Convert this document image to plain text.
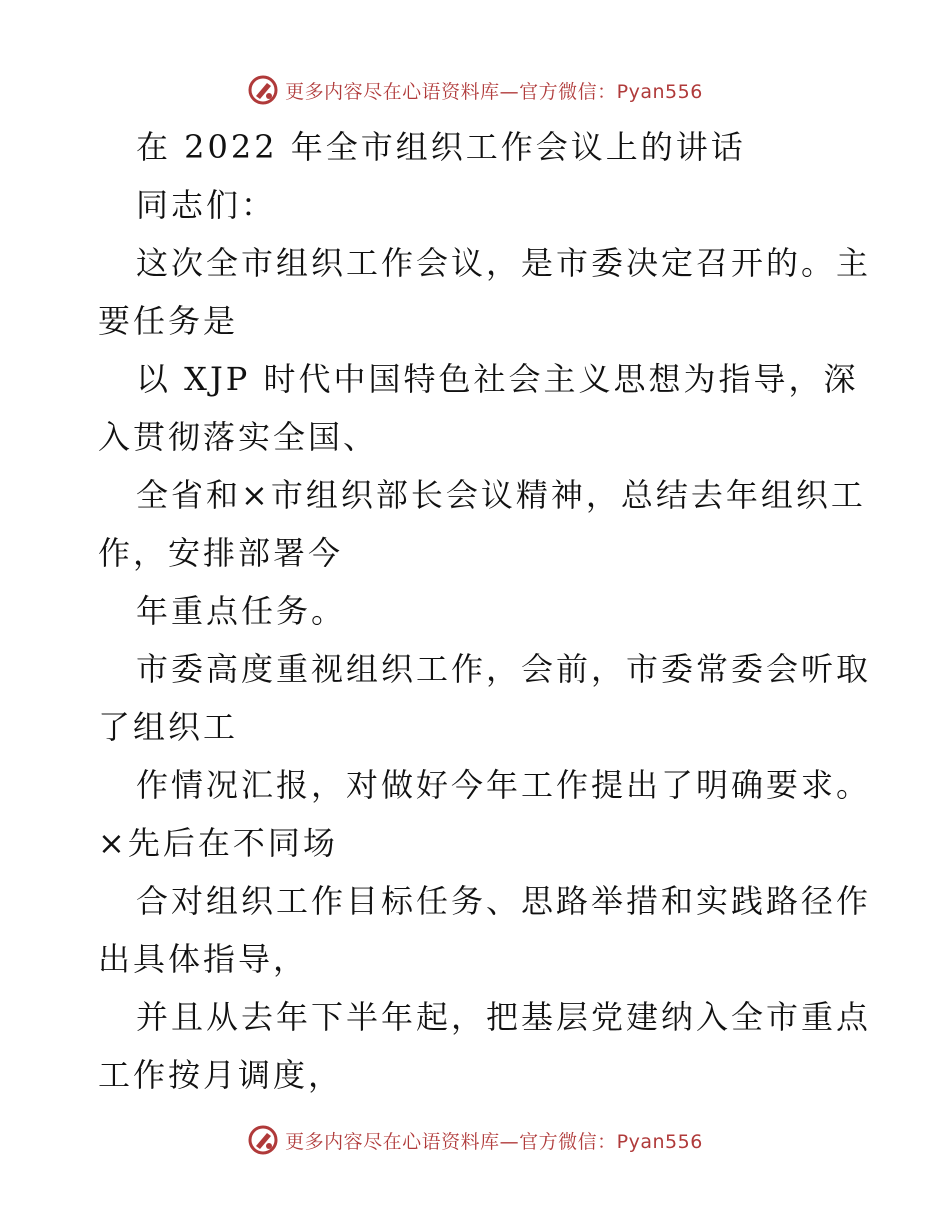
更多内容尽在心语资料库—官方微信：Pyan556
在 2022 年全市组织工作会议上的讲话
同志们：
这次全市组织工作会议，是市委决定召开的。主
要任务是
以 XJP 时代中国特色社会主义思想为指导，深
入贯彻落实全国、
全省和×市组织部长会议精神，总结去年组织工
作，安排部署今
年重点任务。
市委高度重视组织工作，会前，市委常委会听取
了组织工
作情况汇报，对做好今年工作提出了明确要求。
×先后在不同场
合对组织工作目标任务、思路举措和实践路径作
出具体指导，
并且从去年下半年起，把基层党建纳入全市重点
工作按月调度，
更多内容尽在心语资料库—官方微信：Pyan556
